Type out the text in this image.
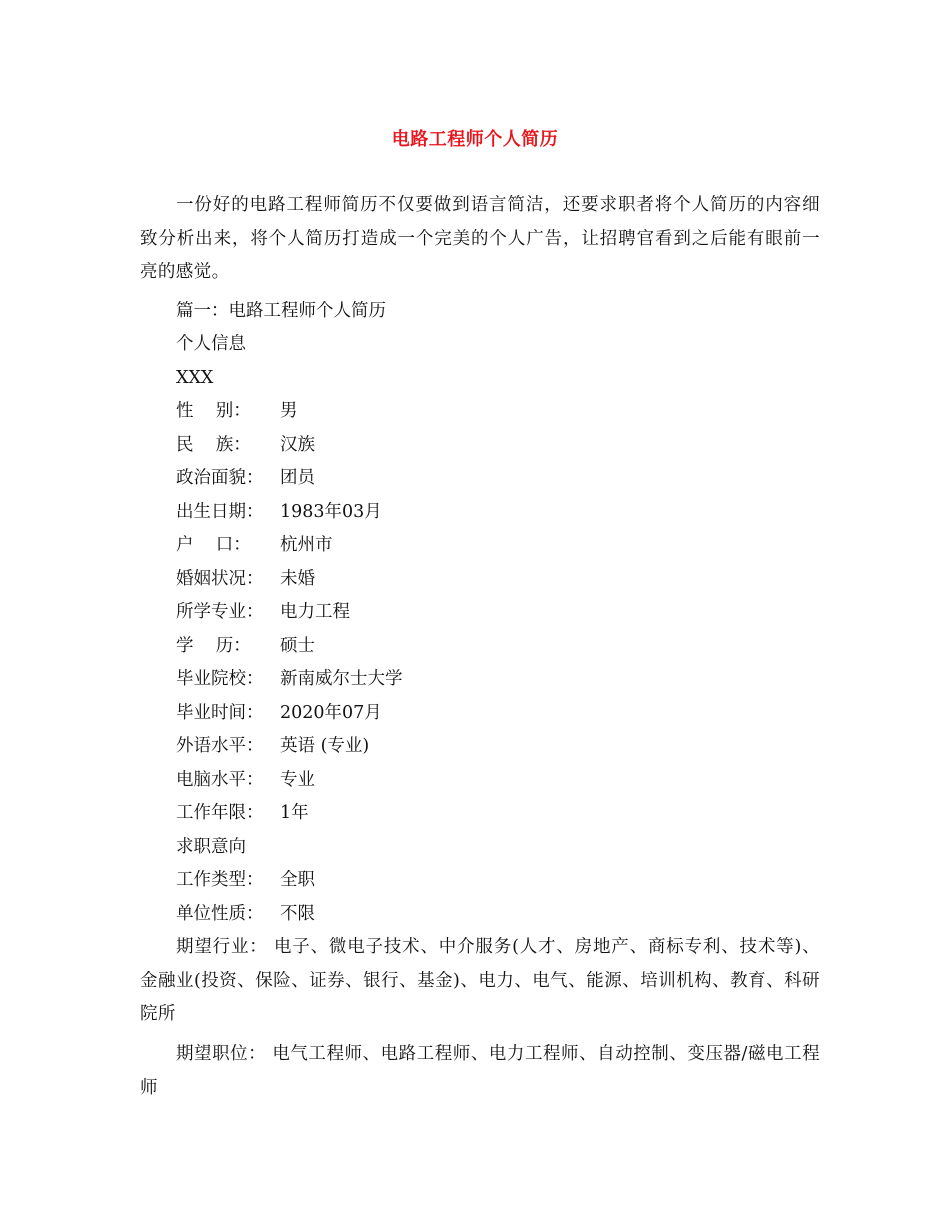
电路工程师个人简历
一份好的电路工程师简历不仅要做到语言简洁，还要求职者将个人简历的内容细致分析出来，将个人简历打造成一个完美的个人广告，让招聘官看到之后能有眼前一亮的感觉。
篇一：电路工程师个人简历
个人信息
XXX
性    别： 男
民    族： 汉族
政治面貌： 团员
出生日期： 1983年03月
户    口： 杭州市
婚姻状况： 未婚
所学专业： 电力工程
学    历： 硕士
毕业院校： 新南威尔士大学
毕业时间： 2020年07月
外语水平： 英语 (专业)
电脑水平： 专业
工作年限： 1年
求职意向
工作类型： 全职
单位性质： 不限
期望行业： 电子、微电子技术、中介服务(人才、房地产、商标专利、技术等)、金融业(投资、保险、证券、银行、基金)、电力、电气、能源、培训机构、教育、科研院所
期望职位： 电气工程师、电路工程师、电力工程师、自动控制、变压器/磁电工程师
